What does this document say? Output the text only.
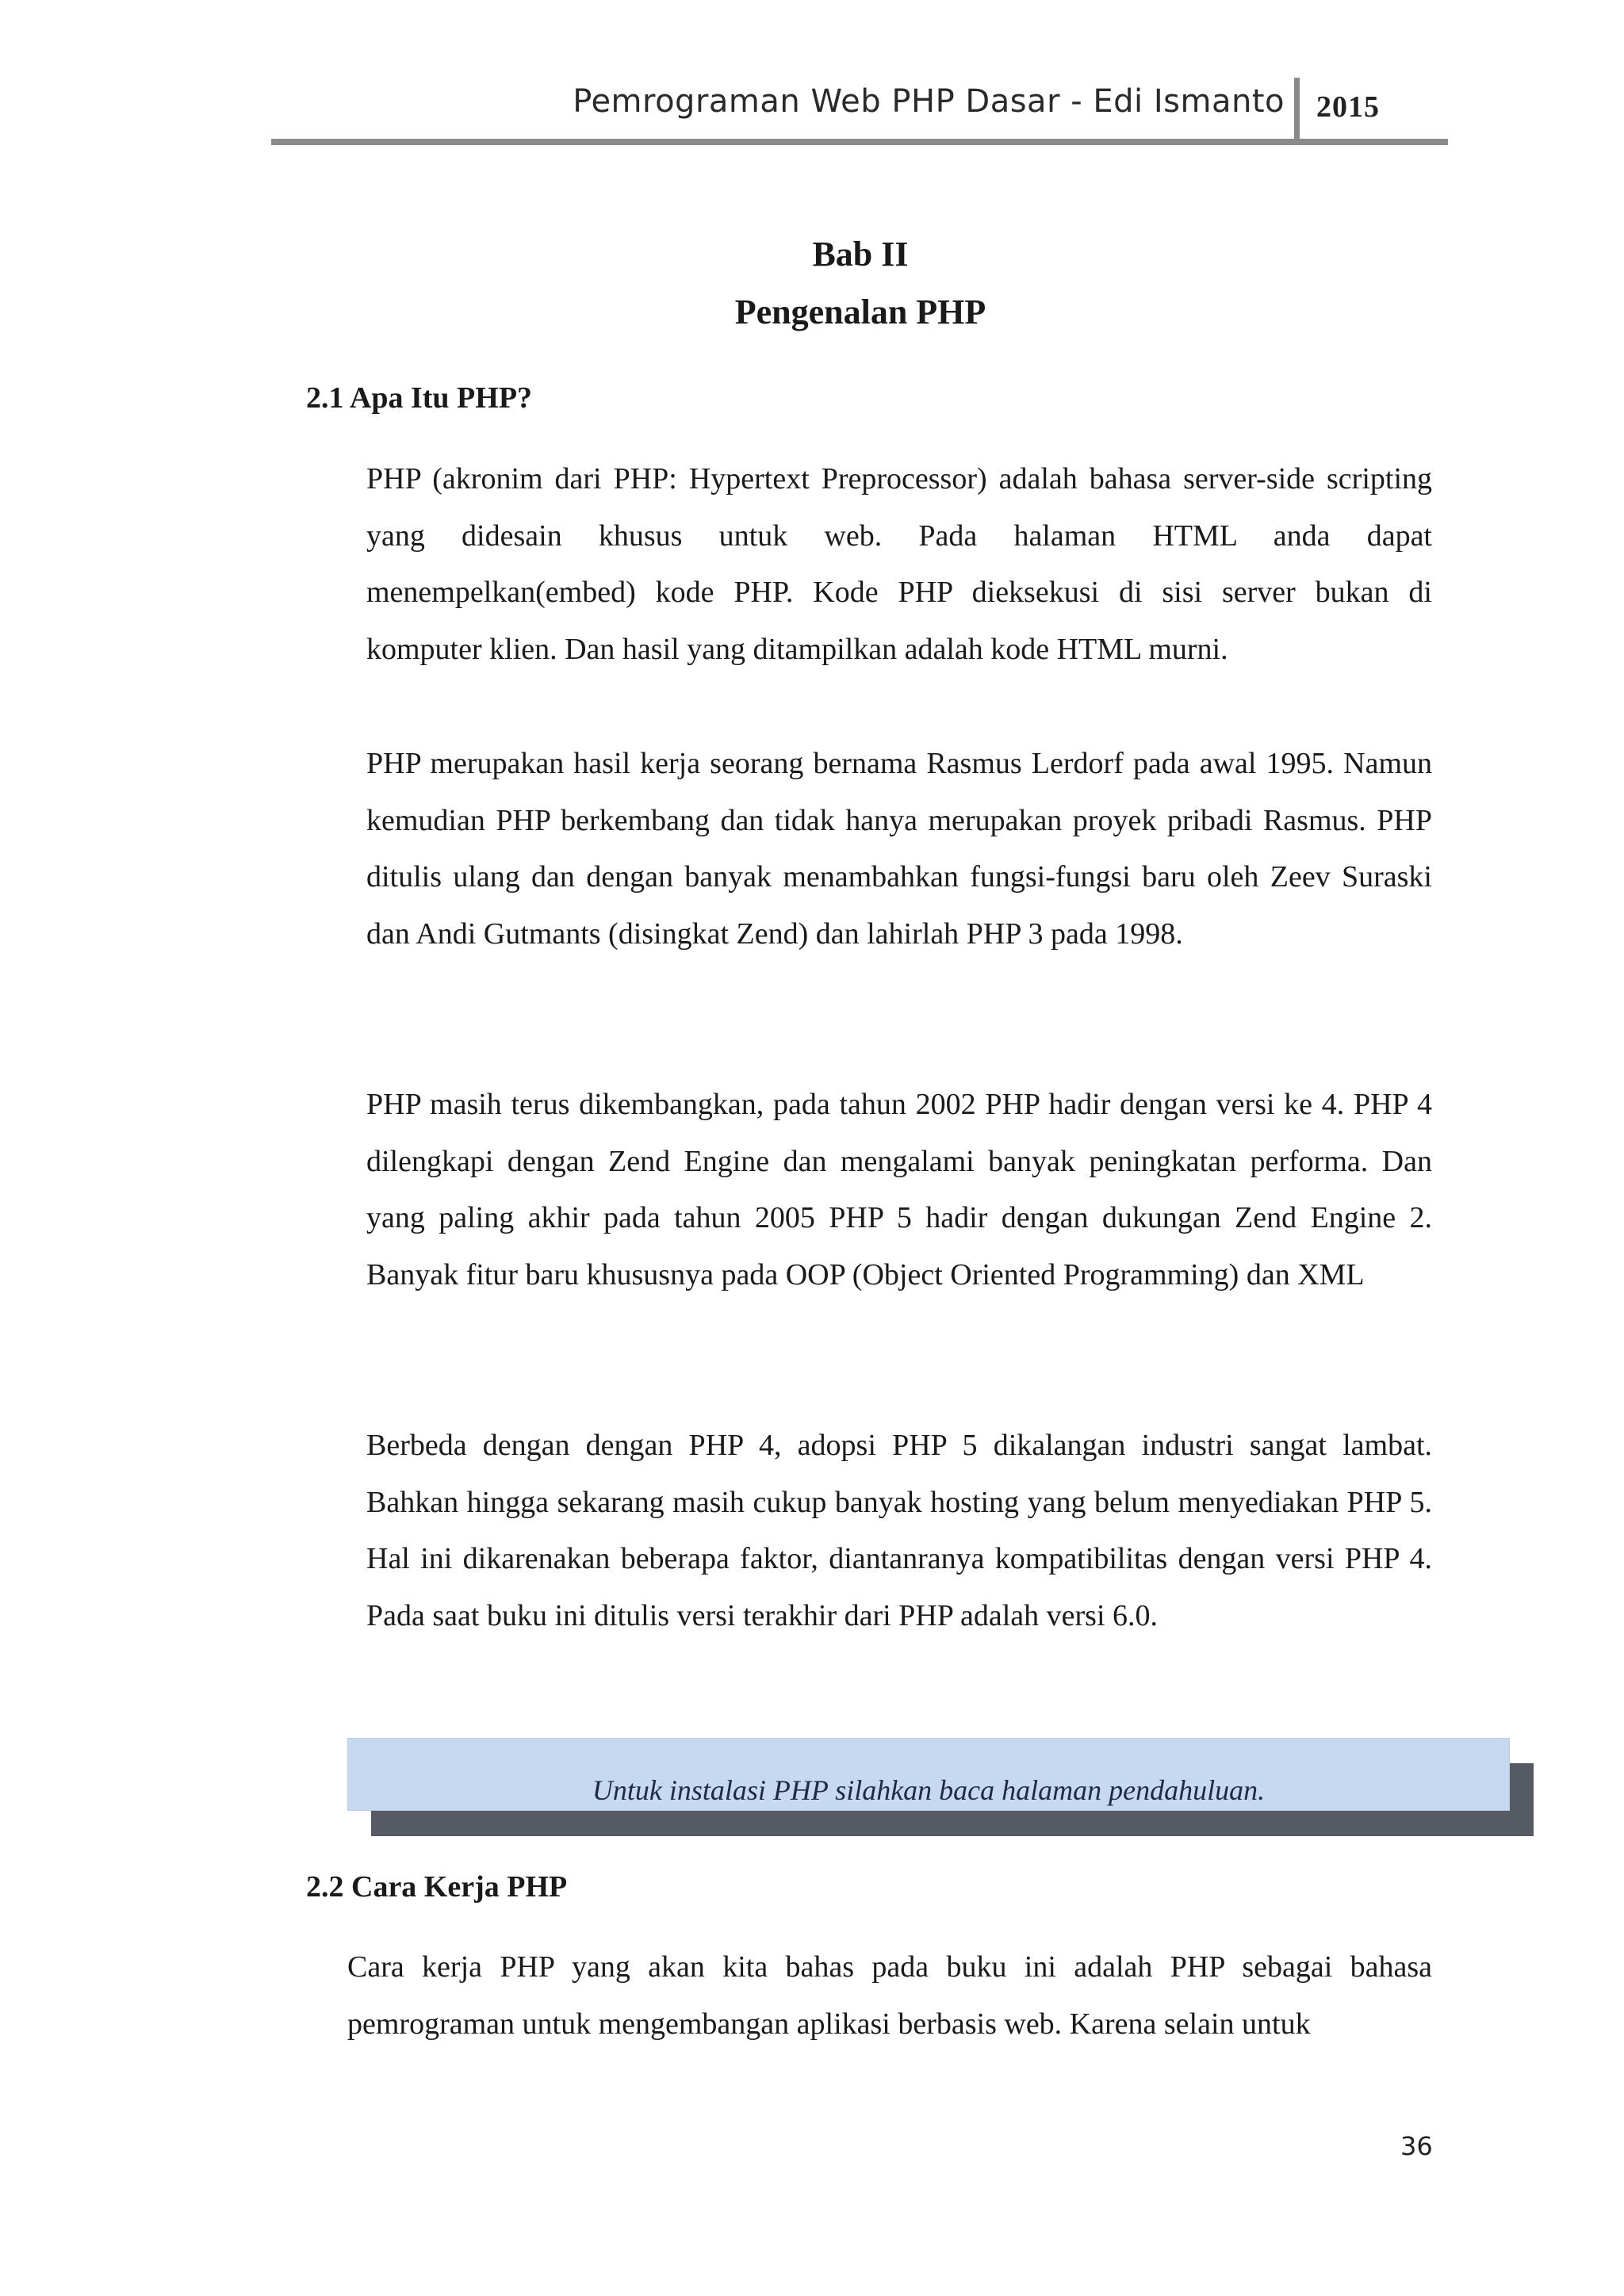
Pemrograman Web PHP Dasar - Edi Ismanto 2015
Bab II
Pengenalan PHP
2.1 Apa Itu PHP?

PHP (akronim dari PHP: Hypertext Preprocessor) adalah bahasa server-side scripting yang didesain khusus untuk web. Pada halaman HTML anda dapat menempelkan(embed) kode PHP. Kode PHP dieksekusi di sisi server bukan di komputer klien. Dan hasil yang ditampilkan adalah kode HTML murni.

PHP merupakan hasil kerja seorang bernama Rasmus Lerdorf pada awal 1995. Namun kemudian PHP berkembang dan tidak hanya merupakan proyek pribadi Rasmus. PHP ditulis ulang dan dengan banyak menambahkan fungsi-fungsi baru oleh Zeev Suraski dan Andi Gutmants (disingkat Zend) dan lahirlah PHP 3 pada 1998.

PHP masih terus dikembangkan, pada tahun 2002 PHP hadir dengan versi ke 4. PHP 4 dilengkapi dengan Zend Engine dan mengalami banyak peningkatan performa. Dan yang paling akhir pada tahun 2005 PHP 5 hadir dengan dukungan Zend Engine 2. Banyak fitur baru khususnya pada OOP (Object Oriented Programming) dan XML

Berbeda dengan dengan PHP 4, adopsi PHP 5 dikalangan industri sangat lambat. Bahkan hingga sekarang masih cukup banyak hosting yang belum menyediakan PHP 5. Hal ini dikarenakan beberapa faktor, diantanranya kompatibilitas dengan versi PHP 4. Pada saat buku ini ditulis versi terakhir dari PHP adalah versi 6.0.

Untuk instalasi PHP silahkan baca halaman pendahuluan.
2.2 Cara Kerja PHP

Cara kerja PHP yang akan kita bahas pada buku ini adalah PHP sebagai bahasa pemrograman untuk mengembangan aplikasi berbasis web. Karena selain untuk

36
